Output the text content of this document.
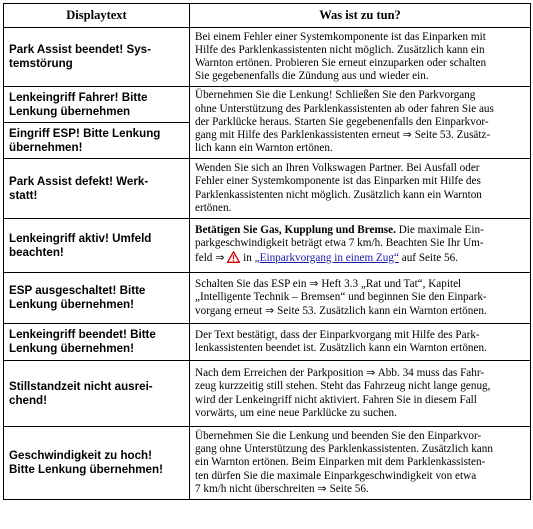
Displaytext	Was ist zu tun?

Park Assist beendet! Sys-
temstörung	Bei einem Fehler einer Systemkomponente ist das Einparken mit
Hilfe des Parklenkassistenten nicht möglich. Zusätzlich kann ein
Warnton ertönen. Probieren Sie erneut einzuparken oder schalten
Sie gegebenenfalls die Zündung aus und wieder ein.

Lenkeingriff Fahrer! Bitte
Lenkung übernehmen	Übernehmen Sie die Lenkung! Schließen Sie den Parkvorgang
ohne Unterstützung des Parklenkassistenten ab oder fahren Sie aus
der Parklücke heraus. Starten Sie gegebenenfalls den Einparkvor-
gang mit Hilfe des Parklenkassistenten erneut ⇒ Seite 53. Zusätz-
lich kann ein Warnton ertönen.

Eingriff ESP! Bitte Lenkung
übernehmen!	

Park Assist defekt! Werk-
statt!	Wenden Sie sich an Ihren Volkswagen Partner. Bei Ausfall oder
Fehler einer Systemkomponente ist das Einparken mit Hilfe des
Parklenkassistenten nicht möglich. Zusätzlich kann ein Warnton
ertönen.

Lenkeingriff aktiv! Umfeld
beachten!	Betätigen Sie Gas, Kupplung und Bremse. Die maximale Ein-
parkgeschwindigkeit beträgt etwa 7 km/h. Beachten Sie Ihr Um-
feld ⇒  in „Einparkvorgang in einem Zug“ auf Seite 56.

ESP ausgeschaltet! Bitte
Lenkung übernehmen!	Schalten Sie das ESP ein ⇒ Heft 3.3 „Rat und Tat“, Kapitel
„Intelligente Technik – Bremsen“ und beginnen Sie den Einpark-
vorgang erneut ⇒ Seite 53. Zusätzlich kann ein Warnton ertönen.

Lenkeingriff beendet! Bitte
Lenkung übernehmen!	Der Text bestätigt, dass der Einparkvorgang mit Hilfe des Park-
lenkassistenten beendet ist. Zusätzlich kann ein Warnton ertönen.

Stillstandzeit nicht ausrei-
chend!	Nach dem Erreichen der Parkposition ⇒ Abb. 34 muss das Fahr-
zeug kurzzeitig still stehen. Steht das Fahrzeug nicht lange genug,
wird der Lenkeingriff nicht aktiviert. Fahren Sie in diesem Fall
vorwärts, um eine neue Parklücke zu suchen.

Geschwindigkeit zu hoch!
Bitte Lenkung übernehmen!	Übernehmen Sie die Lenkung und beenden Sie den Einparkvor-
gang ohne Unterstützung des Parklenkassistenten. Zusätzlich kann
ein Warnton ertönen. Beim Einparken mit dem Parklenkassisten-
ten dürfen Sie die maximale Einparkgeschwindigkeit von etwa
7 km/h nicht überschreiten ⇒ Seite 56.
